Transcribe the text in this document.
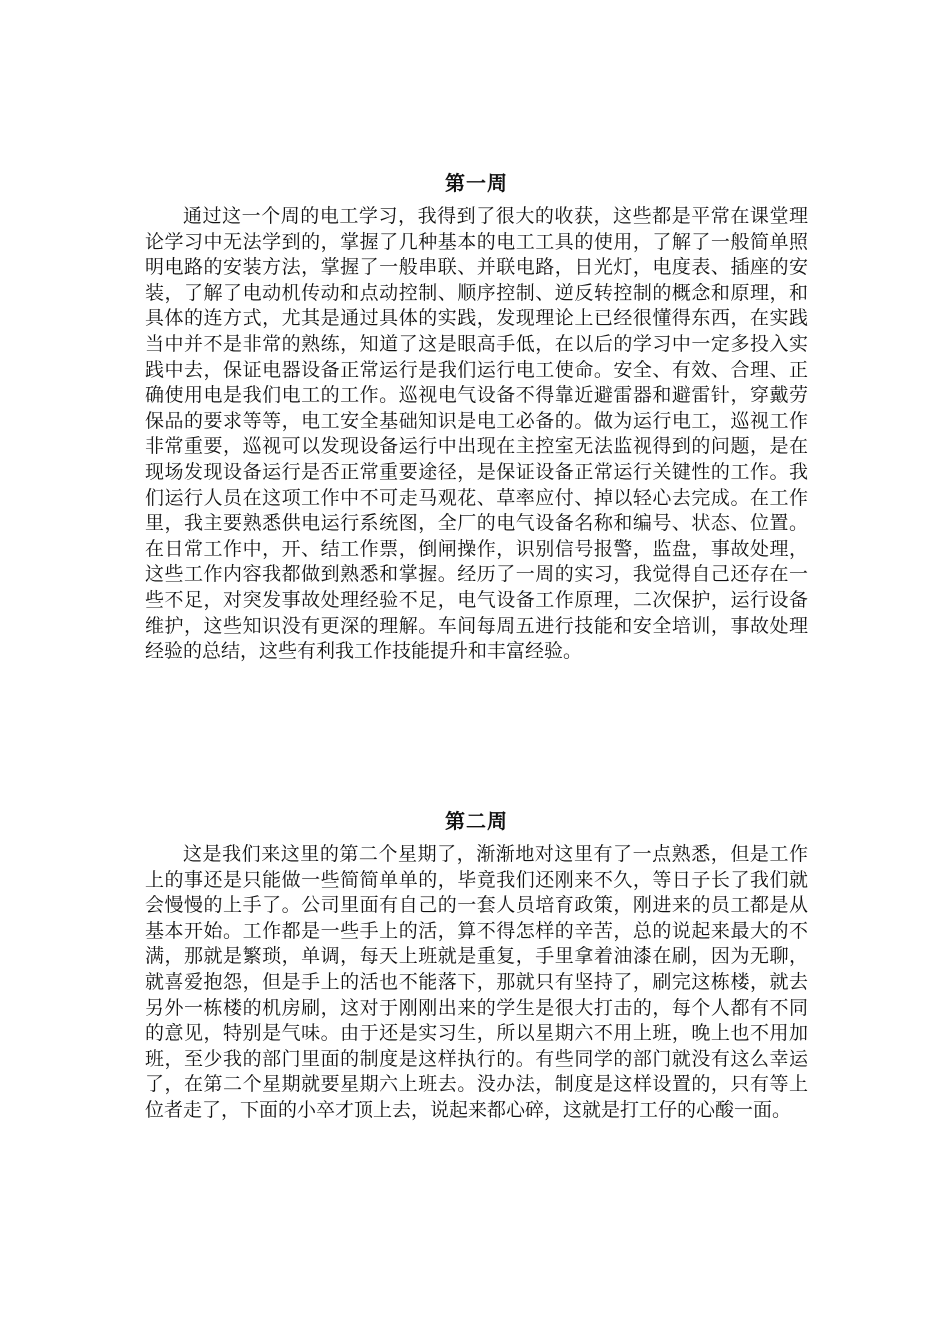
第一周

通过这一个周的电工学习，我得到了很大的收获，这些都是平常在课堂理论学习中无法学到的，掌握了几种基本的电工工具的使用，了解了一般简单照明电路的安装方法，掌握了一般串联、并联电路，日光灯，电度表、插座的安装，了解了电动机传动和点动控制、顺序控制、逆反转控制的概念和原理，和具体的连方式，尤其是通过具体的实践，发现理论上已经很懂得东西，在实践当中并不是非常的熟练，知道了这是眼高手低，在以后的学习中一定多投入实践中去，保证电器设备正常运行是我们运行电工使命。安全、有效、合理、正确使用电是我们电工的工作。巡视电气设备不得靠近避雷器和避雷针，穿戴劳保品的要求等等，电工安全基础知识是电工必备的。做为运行电工，巡视工作非常重要，巡视可以发现设备运行中出现在主控室无法监视得到的问题，是在现场发现设备运行是否正常重要途径，是保证设备正常运行关键性的工作。我们运行人员在这项工作中不可走马观花、草率应付、掉以轻心去完成。在工作里，我主要熟悉供电运行系统图，全厂的电气设备名称和编号、状态、位置。在日常工作中，开、结工作票，倒闸操作，识别信号报警，监盘，事故处理，这些工作内容我都做到熟悉和掌握。经历了一周的实习，我觉得自己还存在一些不足，对突发事故处理经验不足，电气设备工作原理，二次保护，运行设备维护，这些知识没有更深的理解。车间每周五进行技能和安全培训，事故处理经验的总结，这些有利我工作技能提升和丰富经验。

第二周

这是我们来这里的第二个星期了，渐渐地对这里有了一点熟悉，但是工作上的事还是只能做一些简简单单的，毕竟我们还刚来不久，等日子长了我们就会慢慢的上手了。公司里面有自己的一套人员培育政策，刚进来的员工都是从基本开始。工作都是一些手上的活，算不得怎样的辛苦，总的说起来最大的不满，那就是繁琐，单调，每天上班就是重复，手里拿着油漆在刷，因为无聊，就喜爱抱怨，但是手上的活也不能落下，那就只有坚持了，刷完这栋楼，就去另外一栋楼的机房刷，这对于刚刚出来的学生是很大打击的，每个人都有不同的意见，特别是气味。由于还是实习生，所以星期六不用上班，晚上也不用加班，至少我的部门里面的制度是这样执行的。有些同学的部门就没有这么幸运了，在第二个星期就要星期六上班去。没办法，制度是这样设置的，只有等上位者走了，下面的小卒才顶上去，说起来都心碎，这就是打工仔的心酸一面。
